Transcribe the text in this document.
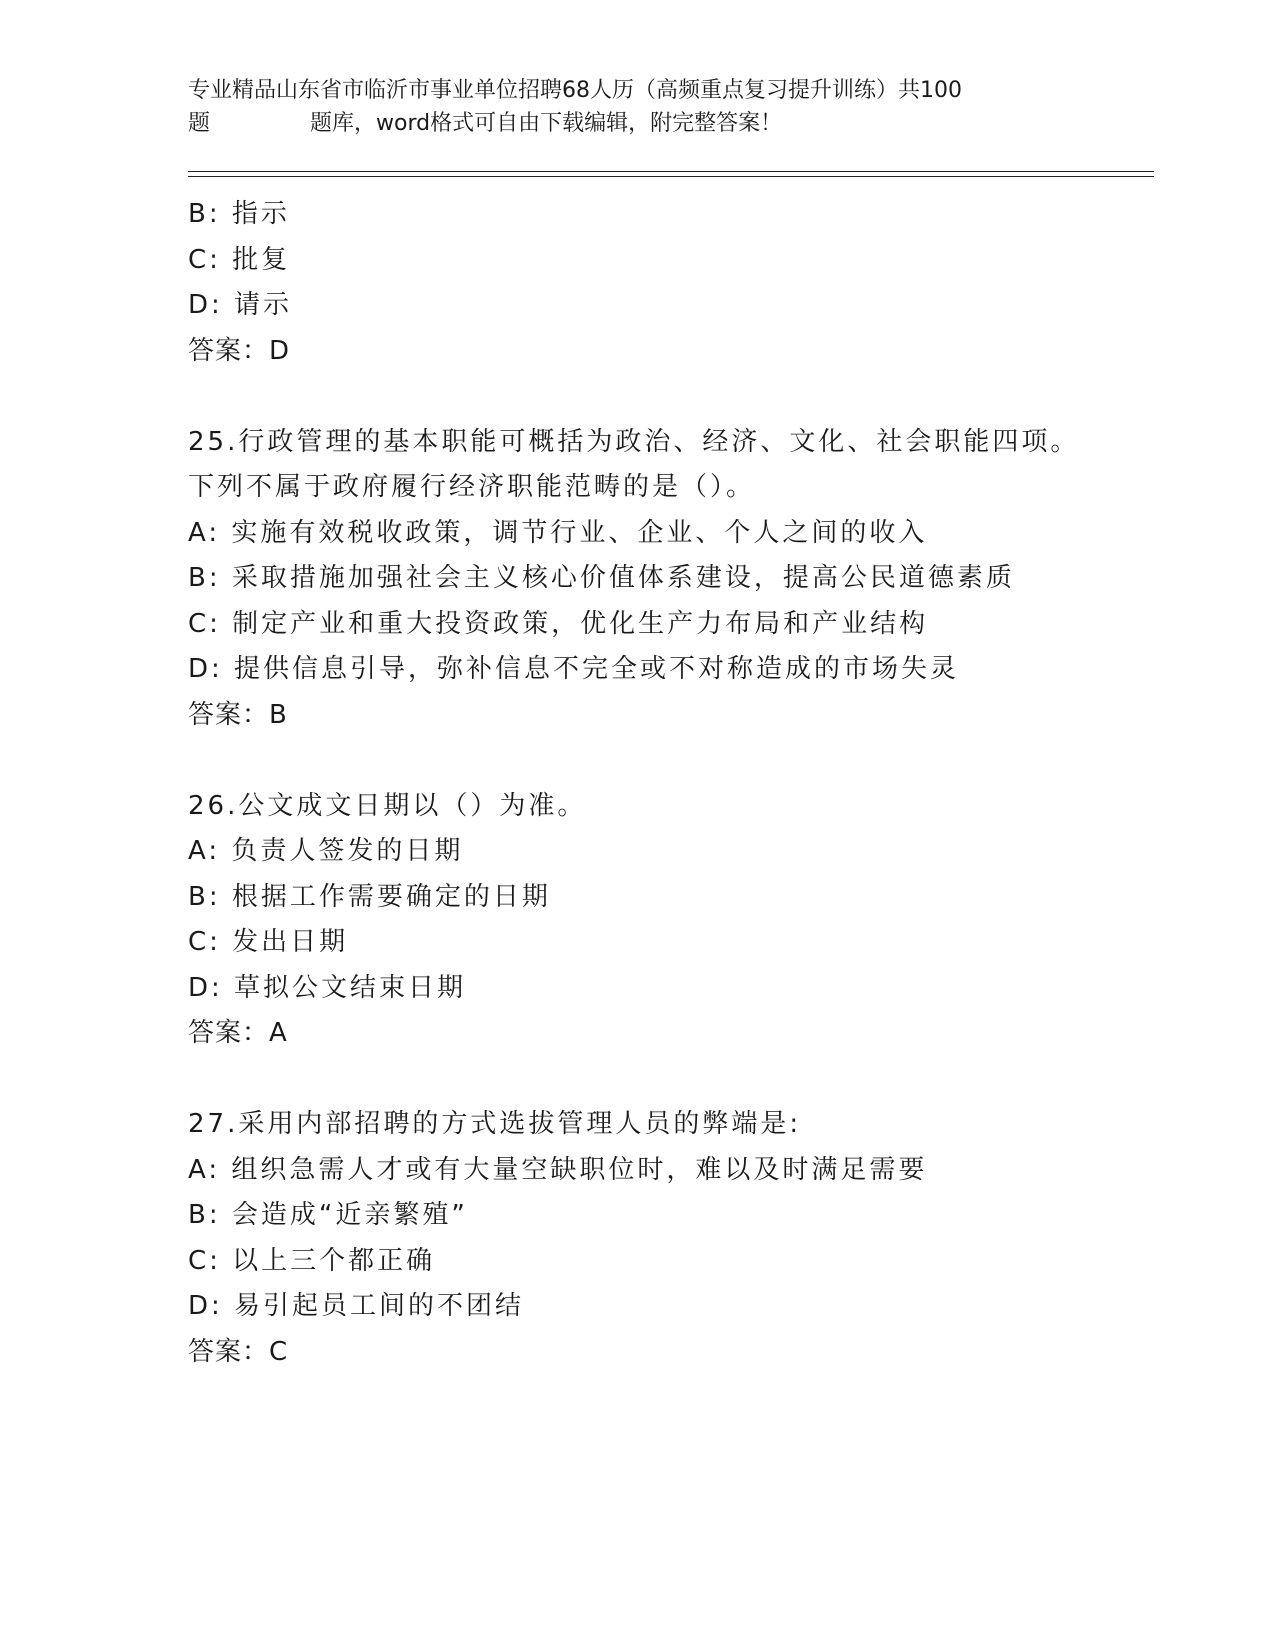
专业精品山东省市临沂市事业单位招聘68人历（高频重点复习提升训练）共100
题	题库，word格式可自由下载编辑，附完整答案！
B: 指示
C: 批复
D: 请示
答案：D
25.行政管理的基本职能可概括为政治、经济、文化、社会职能四项。
下列不属于政府履行经济职能范畴的是（）。
A: 实施有效税收政策，调节行业、企业、个人之间的收入
B: 采取措施加强社会主义核心价值体系建设，提高公民道德素质
C: 制定产业和重大投资政策，优化生产力布局和产业结构
D: 提供信息引导，弥补信息不完全或不对称造成的市场失灵
答案：B
26.公文成文日期以（）为准。
A: 负责人签发的日期
B: 根据工作需要确定的日期
C: 发出日期
D: 草拟公文结束日期
答案：A
27.采用内部招聘的方式选拔管理人员的弊端是:
A: 组织急需人才或有大量空缺职位时，难以及时满足需要
B: 会造成“近亲繁殖”
C: 以上三个都正确
D: 易引起员工间的不团结
答案：C
